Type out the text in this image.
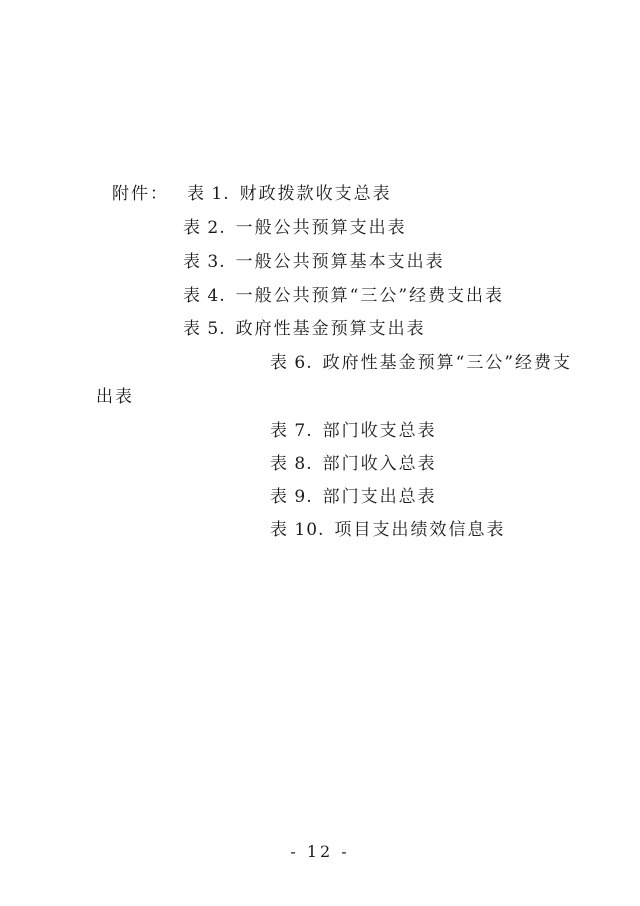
附件： 表 1. 财政拨款收支总表
表 2. 一般公共预算支出表
表 3. 一般公共预算基本支出表
表 4. 一般公共预算“三公”经费支出表
表 5. 政府性基金预算支出表
表 6. 政府性基金预算“三公”经费支
出表
表 7. 部门收支总表
表 8. 部门收入总表
表 9. 部门支出总表
表 10. 项目支出绩效信息表
- 12 -
